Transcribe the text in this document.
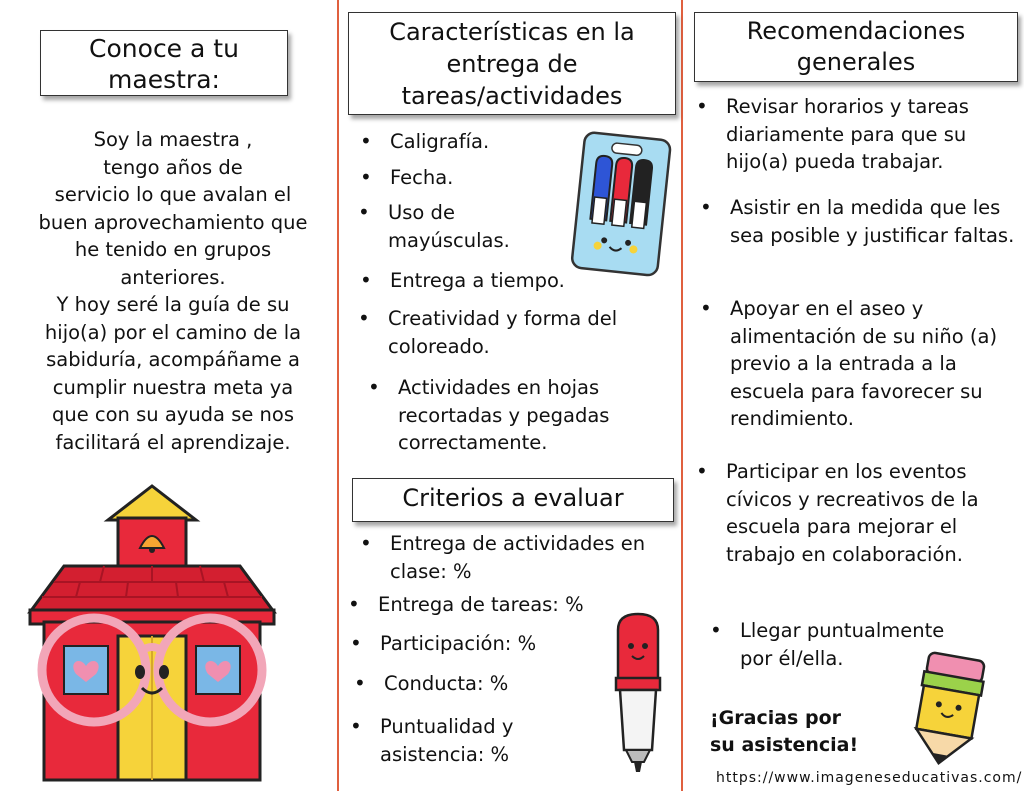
Conoce a tu maestra:
Soy la maestra ,
tengo años de
servicio lo que avalan el
buen aprovechamiento que
he tenido en grupos
anteriores.
Y hoy seré la guía de su
hijo(a) por el camino de la
sabiduría, acompáñame a
cumplir nuestra meta ya
que con su ayuda se nos
facilitará el aprendizaje.
Características en la entrega de tareas/actividades
• Caligrafía.
• Fecha.
• Uso de mayúsculas.
• Entrega a tiempo.
• Creatividad y forma del coloreado.
• Actividades en hojas recortadas y pegadas correctamente.
Criterios a evaluar
• Entrega de actividades en clase: %
• Entrega de tareas: %
• Participación: %
• Conducta: %
• Puntualidad y asistencia: %
Recomendaciones generales
• Revisar horarios y tareas diariamente para que su hijo(a) pueda trabajar.
• Asistir en la medida que les sea posible y justificar faltas.
• Apoyar en el aseo y alimentación de su niño (a) previo a la entrada a la escuela para favorecer su rendimiento.
• Participar en los eventos cívicos y recreativos de la escuela para mejorar el trabajo en colaboración.
• Llegar puntualmente por él/ella.
¡Gracias por su asistencia!
https://www.imageneseducativas.com/
